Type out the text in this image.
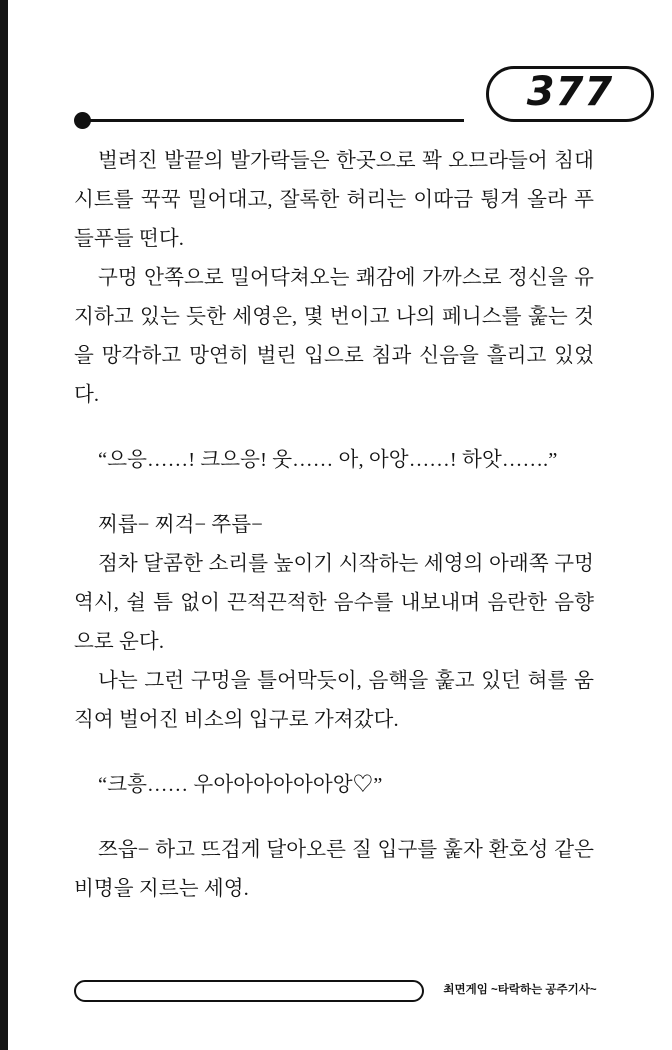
377

벌려진 발끝의 발가락들은 한곳으로 꽉 오므라들어 침대 시트를 꾹꾹 밀어대고, 잘록한 허리는 이따금 튕겨 올라 푸들푸들 떤다.

구멍 안쪽으로 밀어닥쳐오는 쾌감에 가까스로 정신을 유지하고 있는 듯한 세영은, 몇 번이고 나의 페니스를 훑는 것을 망각하고 망연히 벌린 입으로 침과 신음을 흘리고 있었다.

“으응……! 크으응! 웃…… 아, 아앙……! 하앗…….”

찌릅− 찌걱− 쭈릅−

점차 달콤한 소리를 높이기 시작하는 세영의 아래쪽 구멍 역시, 쉴 틈 없이 끈적끈적한 음수를 내보내며 음란한 음향으로 운다.

나는 그런 구멍을 틀어막듯이, 음핵을 훑고 있던 혀를 움직여 벌어진 비소의 입구로 가져갔다.

“크흥…… 우아아아아아아앙♡”

쯔읍− 하고 뜨겁게 달아오른 질 입구를 훑자 환호성 같은 비명을 지르는 세영.

최면게임 ~타락하는 공주기사~
